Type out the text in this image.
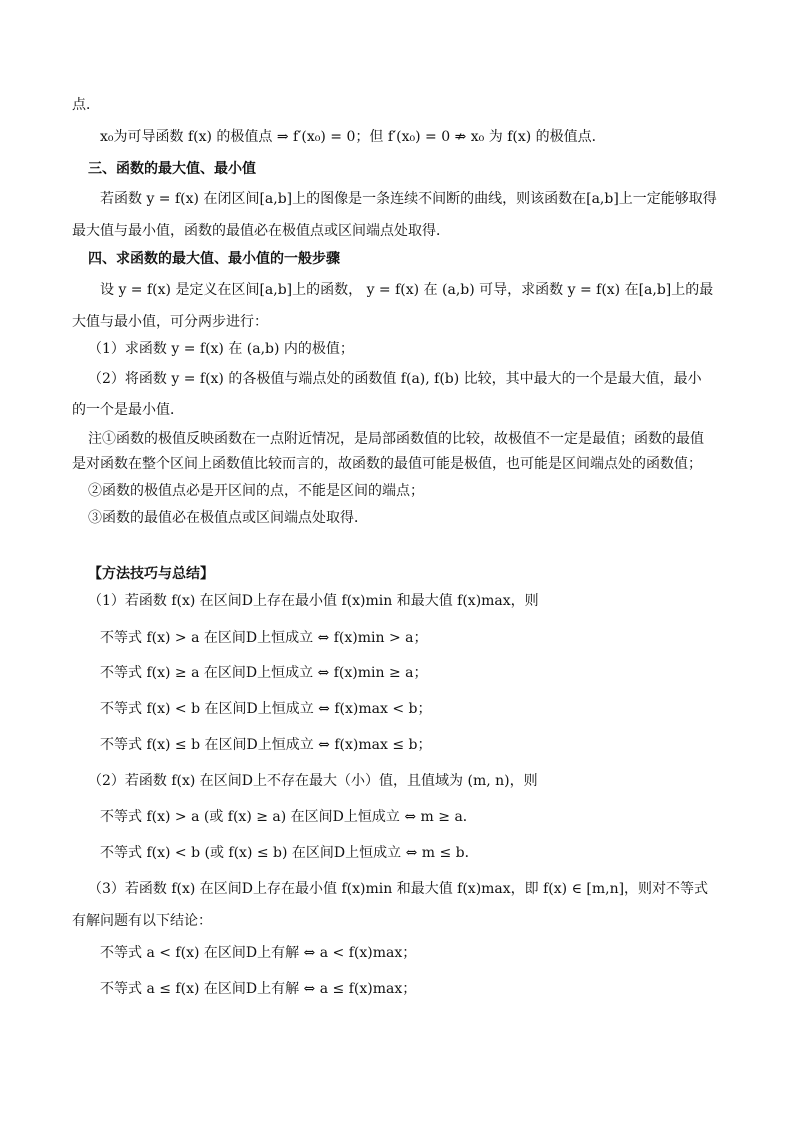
点．
x₀为可导函数 f(x) 的极值点 ⇒ f′(x₀) = 0；但 f′(x₀) = 0 ⇏ x₀ 为 f(x) 的极值点．
三、函数的最大值、最小值
若函数 y = f(x) 在闭区间[a,b]上的图像是一条连续不间断的曲线，则该函数在[a,b]上一定能够取得
最大值与最小值，函数的最值必在极值点或区间端点处取得．
四、求函数的最大值、最小值的一般步骤
设 y = f(x) 是定义在区间[a,b]上的函数， y = f(x) 在 (a,b) 可导，求函数 y = f(x) 在[a,b]上的最
大值与最小值，可分两步进行：
（1）求函数 y = f(x) 在 (a,b) 内的极值；
（2）将函数 y = f(x) 的各极值与端点处的函数值 f(a), f(b) 比较，其中最大的一个是最大值，最小
的一个是最小值．
注①函数的极值反映函数在一点附近情况，是局部函数值的比较，故极值不一定是最值；函数的最值
是对函数在整个区间上函数值比较而言的，故函数的最值可能是极值，也可能是区间端点处的函数值；
②函数的极值点必是开区间的点，不能是区间的端点；
③函数的最值必在极值点或区间端点处取得．
【方法技巧与总结】
（1）若函数 f(x) 在区间D上存在最小值 f(x)min 和最大值 f(x)max，则
不等式 f(x) > a 在区间D上恒成立 ⇔ f(x)min > a；
不等式 f(x) ≥ a 在区间D上恒成立 ⇔ f(x)min ≥ a；
不等式 f(x) < b 在区间D上恒成立 ⇔ f(x)max < b；
不等式 f(x) ≤ b 在区间D上恒成立 ⇔ f(x)max ≤ b；
（2）若函数 f(x) 在区间D上不存在最大（小）值，且值域为 (m, n)，则
不等式 f(x) > a (或 f(x) ≥ a) 在区间D上恒成立 ⇔ m ≥ a．
不等式 f(x) < b (或 f(x) ≤ b) 在区间D上恒成立 ⇔ m ≤ b．
（3）若函数 f(x) 在区间D上存在最小值 f(x)min 和最大值 f(x)max，即 f(x) ∈ [m,n]，则对不等式
有解问题有以下结论：
不等式 a < f(x) 在区间D上有解 ⇔ a < f(x)max；
不等式 a ≤ f(x) 在区间D上有解 ⇔ a ≤ f(x)max；
